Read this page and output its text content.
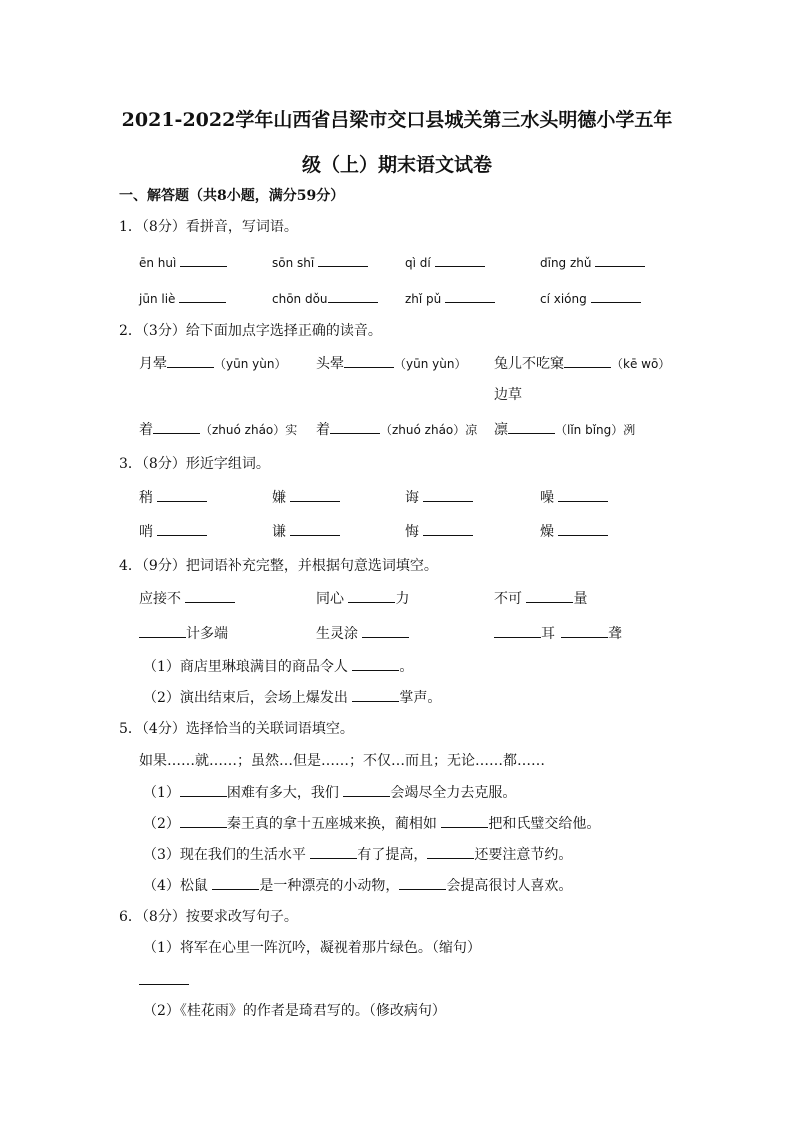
2021-2022学年山西省吕梁市交口县城关第三水头明德小学五年
级（上）期末语文试卷
一、解答题（共8小题，满分59分）
1．（8分）看拼音，写词语。
ēn huì	sōn shī	qì dí	dīng zhǔ
jūn liè	chōn dǒu	zhǐ pǔ	cí xióng
2．（3分）给下面加点字选择正确的读音。
月晕	（yūn yùn） 头晕	（yūn yùn） 兔儿不吃窠	（kē wō）
边草
着	（zhuó zháo）实 着	（zhuó zháo）凉 凛	（lǐn bǐng）冽
3．（8分）形近字组词。
稍	嫌	诲	噪
哨	谦	悔	燥
4．（9分）把词语补充完整，并根据句意选词填空。
应接不	同心	力	不可	量
计多端	生灵涂	耳	聋
（1）商店里琳琅满目的商品令人	。
（2）演出结束后，会场上爆发出	掌声。
5．（4分）选择恰当的关联词语填空。
如果……就……；虽然…但是……；不仅…而且；无论……都……
（1）	困难有多大，我们	会竭尽全力去克服。
（2）	秦王真的拿十五座城来换，蔺相如	把和氏璧交给他。
（3）现在我们的生活水平	有了提高，	还要注意节约。
（4）松鼠	是一种漂亮的小动物，	会提高很讨人喜欢。
6．（8分）按要求改写句子。
（1）将军在心里一阵沉吟，凝视着那片绿色。（缩句）
（2）《桂花雨》的作者是琦君写的。（修改病句）
